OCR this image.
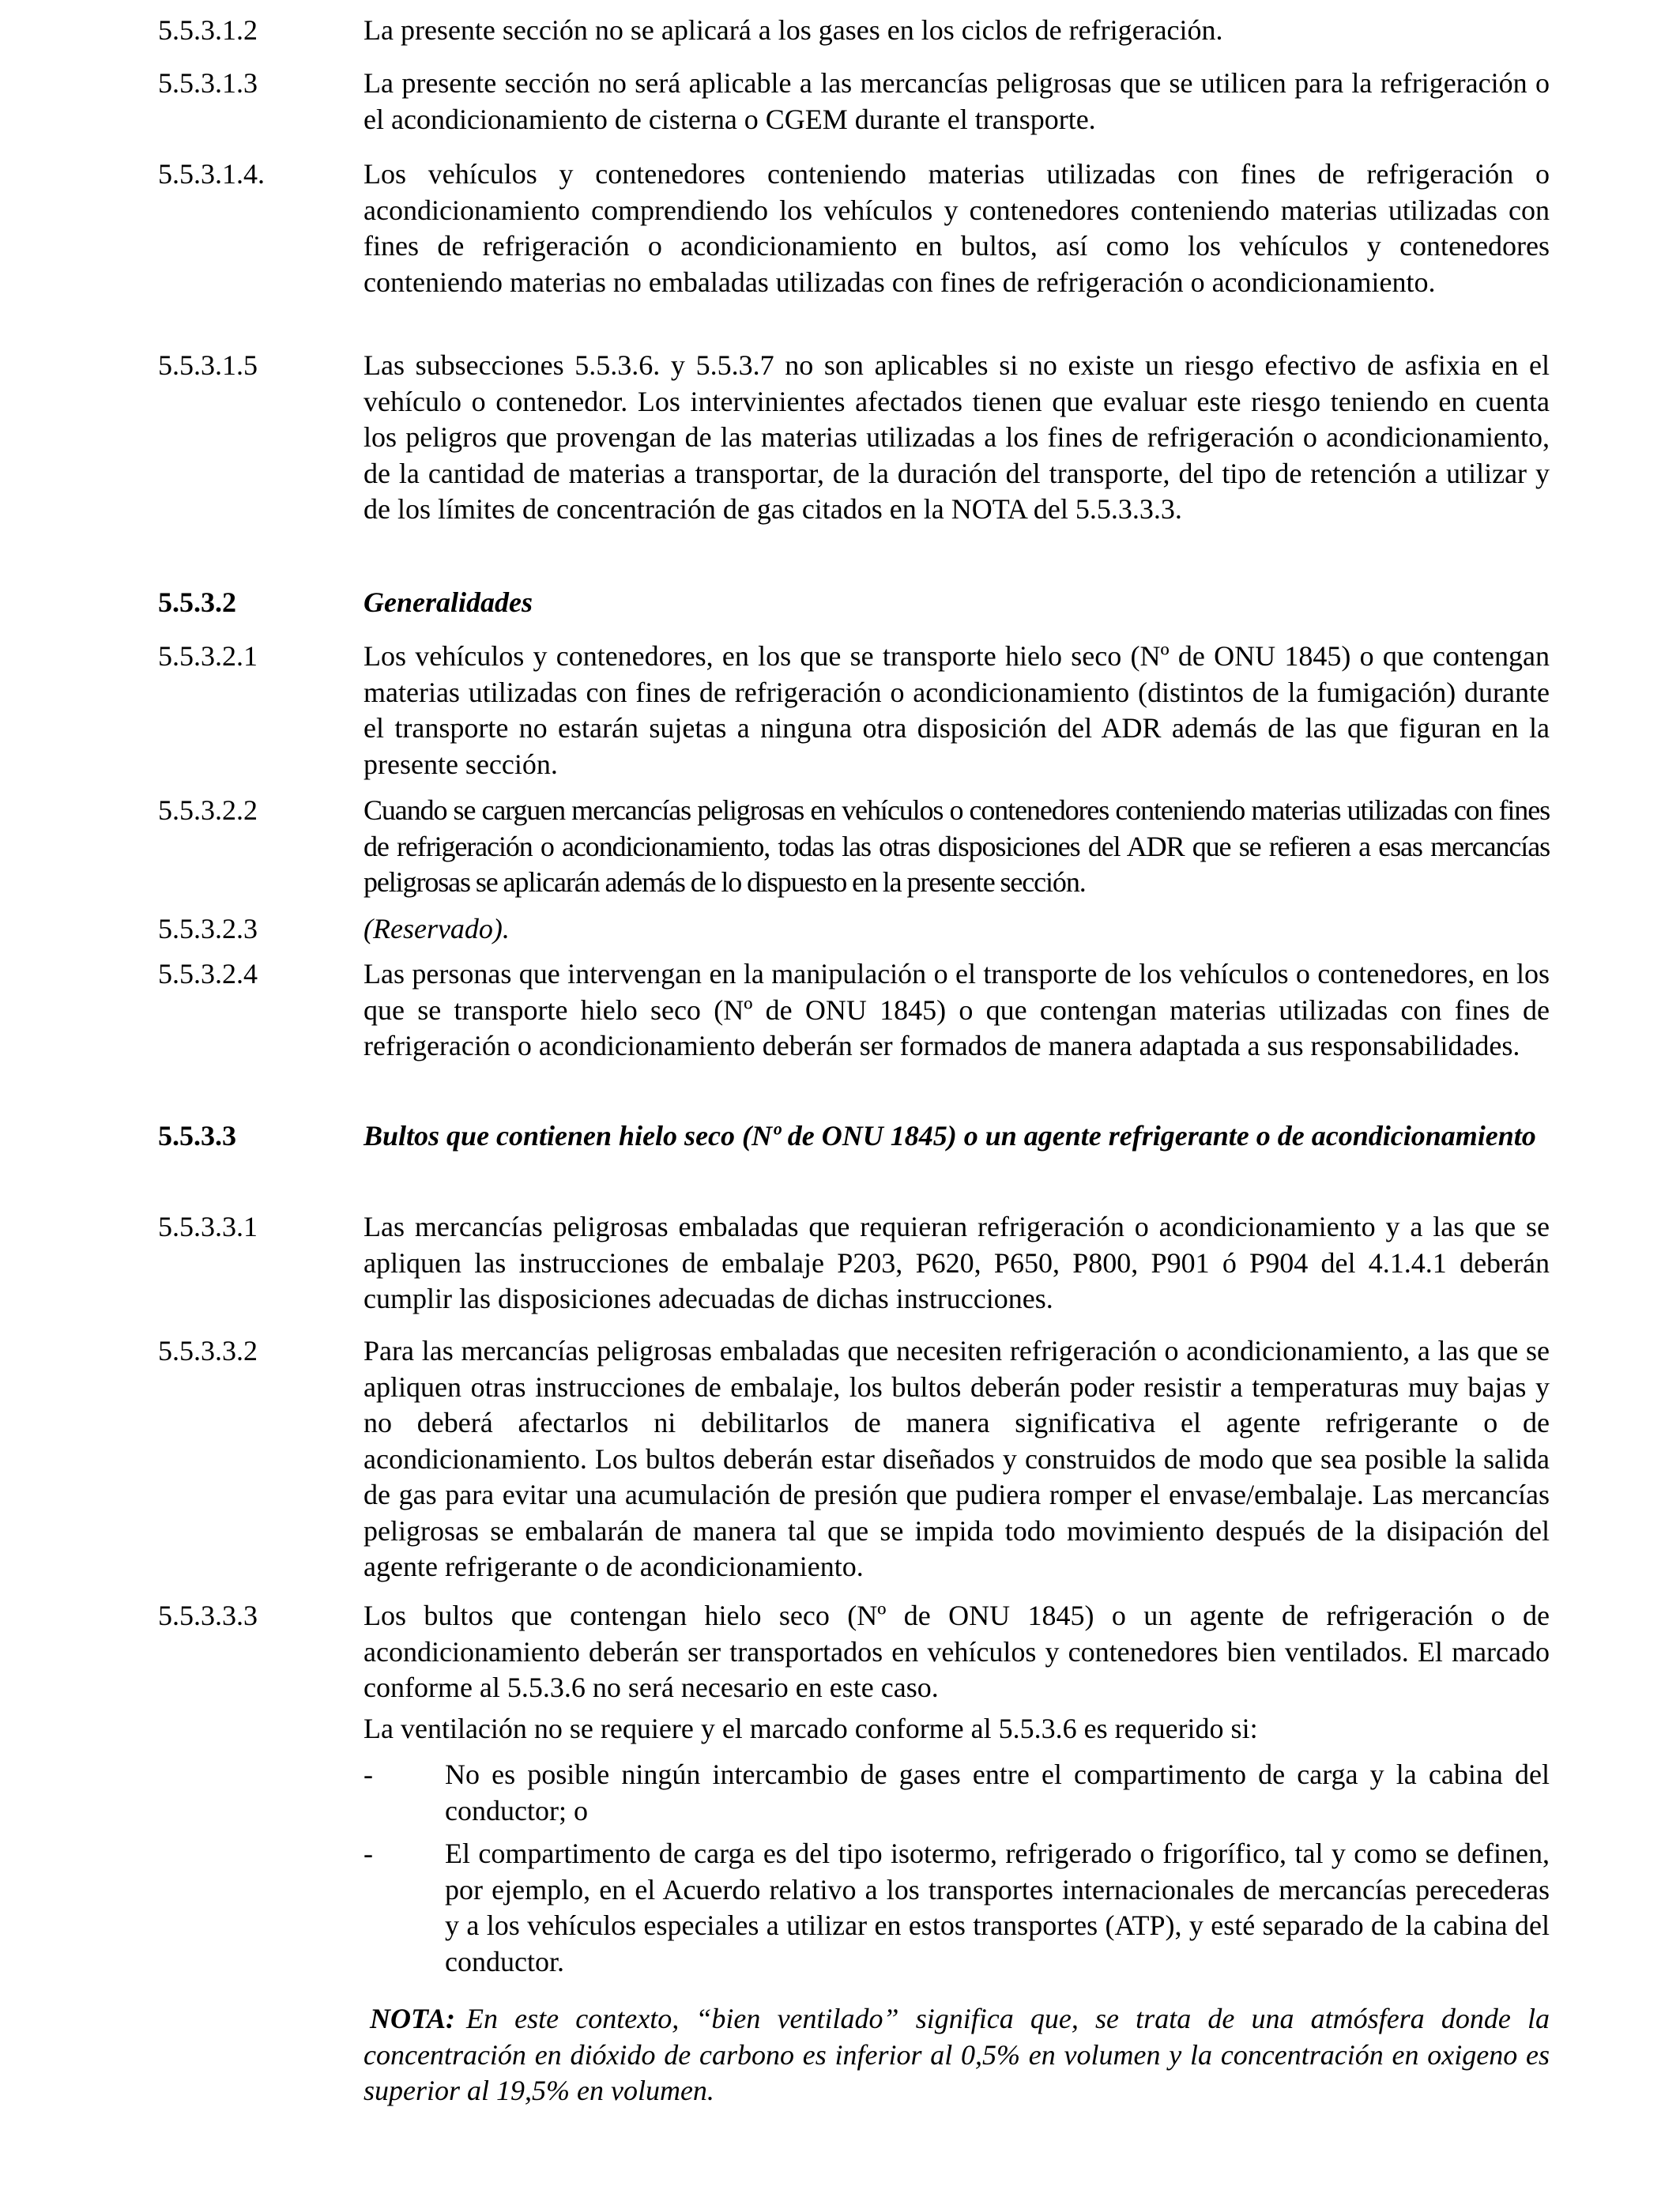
5.5.3.1.2	La presente sección no se aplicará a los gases en los ciclos de refrigeración.
5.5.3.1.3	La presente sección no será aplicable a las mercancías peligrosas que se utilicen para la refrigeración o el acondicionamiento de cisterna o CGEM durante el transporte.
5.5.3.1.4.	Los vehículos y contenedores conteniendo materias utilizadas con fines de refrigeración o acondicionamiento comprendiendo los vehículos y contenedores conteniendo materias utilizadas con fines de refrigeración o acondicionamiento en bultos, así como los vehículos y contenedores conteniendo materias no embaladas utilizadas con fines de refrigeración o acondicionamiento.
5.5.3.1.5	Las subsecciones 5.5.3.6. y 5.5.3.7 no son aplicables si no existe un riesgo efectivo de asfixia en el vehículo o contenedor. Los intervinientes afectados tienen que evaluar este riesgo teniendo en cuenta los peligros que provengan de las materias utilizadas a los fines de refrigeración o acondicionamiento, de la cantidad de materias a transportar, de la duración del transporte, del tipo de retención a utilizar y de los límites de concentración de gas citados en la NOTA del 5.5.3.3.3.
5.5.3.2	Generalidades
5.5.3.2.1	Los vehículos y contenedores, en los que se transporte hielo seco (Nº de ONU 1845) o que contengan materias utilizadas con fines de refrigeración o acondicionamiento (distintos de la fumigación) durante el transporte no estarán sujetas a ninguna otra disposición del ADR además de las que figuran en la presente sección.
5.5.3.2.2	Cuando se carguen mercancías peligrosas en vehículos o contenedores conteniendo materias utilizadas con fines de refrigeración o acondicionamiento, todas las otras disposiciones del ADR que se refieren a esas mercancías peligrosas se aplicarán además de lo dispuesto en la presente sección.
5.5.3.2.3	(Reservado).
5.5.3.2.4	Las personas que intervengan en la manipulación o el transporte de los vehículos o contenedores, en los que se transporte hielo seco (Nº de ONU 1845) o que contengan materias utilizadas con fines de refrigeración o acondicionamiento deberán ser formados de manera adaptada a sus responsabilidades.
5.5.3.3	Bultos que contienen hielo seco (Nº de ONU 1845) o un agente refrigerante o de acondicionamiento
5.5.3.3.1	Las mercancías peligrosas embaladas que requieran refrigeración o acondicionamiento y a las que se apliquen las instrucciones de embalaje P203, P620, P650, P800, P901 ó P904 del 4.1.4.1 deberán cumplir las disposiciones adecuadas de dichas instrucciones.
5.5.3.3.2	Para las mercancías peligrosas embaladas que necesiten refrigeración o acondicionamiento, a las que se apliquen otras instrucciones de embalaje, los bultos deberán poder resistir a temperaturas muy bajas y no deberá afectarlos ni debilitarlos de manera significativa el agente refrigerante o de acondicionamiento. Los bultos deberán estar diseñados y construidos de modo que sea posible la salida de gas para evitar una acumulación de presión que pudiera romper el envase/embalaje. Las mercancías peligrosas se embalarán de manera tal que se impida todo movimiento después de la disipación del agente refrigerante o de acondicionamiento.
5.5.3.3.3	Los bultos que contengan hielo seco (Nº de ONU 1845) o un agente de refrigeración o de acondicionamiento deberán ser transportados en vehículos y contenedores bien ventilados. El marcado conforme al 5.5.3.6 no será necesario en este caso.
La ventilación no se requiere y el marcado conforme al 5.5.3.6 es requerido si:
-	No es posible ningún intercambio de gases entre el compartimento de carga y la cabina del conductor; o
-	El compartimento de carga es del tipo isotermo, refrigerado o frigorífico, tal y como se definen, por ejemplo, en el Acuerdo relativo a los transportes internacionales de mercancías perecederas y a los vehículos especiales a utilizar en estos transportes (ATP), y esté separado de la cabina del conductor.
NOTA: En este contexto, “bien ventilado” significa que, se trata de una atmósfera donde la concentración en dióxido de carbono es inferior al 0,5% en volumen y la concentración en oxigeno es superior al 19,5% en volumen.
